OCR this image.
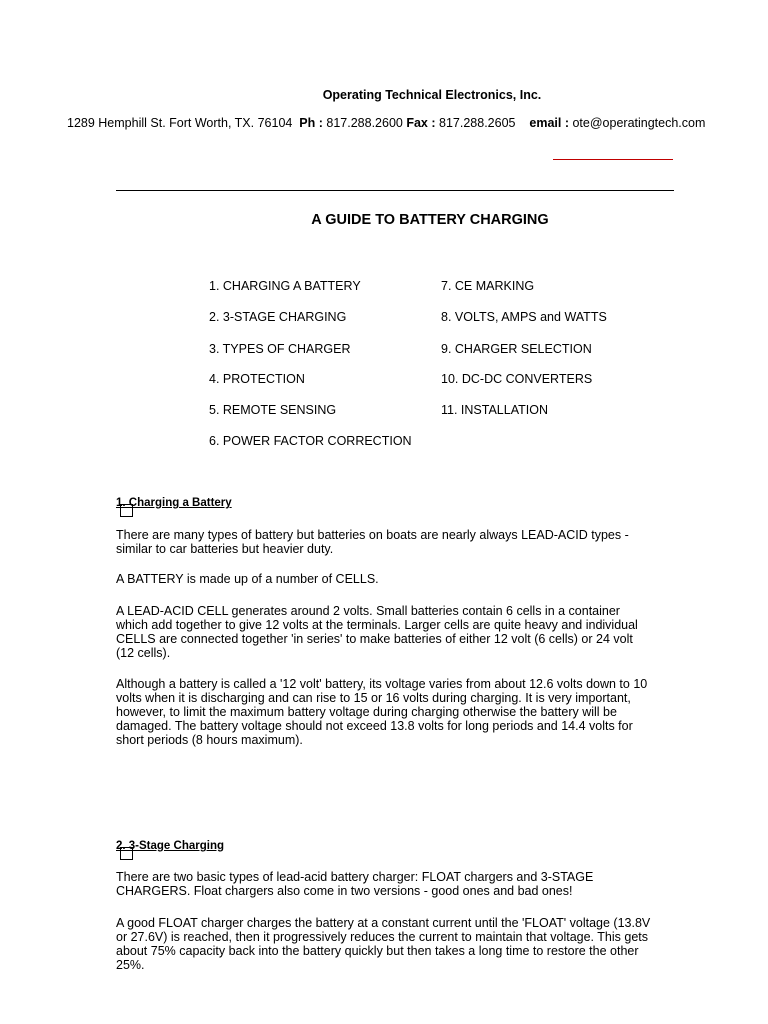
Operating Technical Electronics, Inc.
1289 Hemphill St. Fort Worth, TX. 76104 Ph : 817.288.2600 Fax : 817.288.2605 email : ote@operatingtech.com
A GUIDE TO BATTERY CHARGING
1. CHARGING A BATTERY
2. 3-STAGE CHARGING
3. TYPES OF CHARGER
4. PROTECTION
5. REMOTE SENSING
6. POWER FACTOR CORRECTION
7. CE MARKING
8. VOLTS, AMPS and WATTS
9. CHARGER SELECTION
10. DC-DC CONVERTERS
11. INSTALLATION
1. Charging a Battery
There are many types of battery but batteries on boats are nearly always LEAD-ACID types - similar to car batteries but heavier duty.
A BATTERY is made up of a number of CELLS.
A LEAD-ACID CELL generates around 2 volts. Small batteries contain 6 cells in a container which add together to give 12 volts at the terminals. Larger cells are quite heavy and individual CELLS are connected together 'in series' to make batteries of either 12 volt (6 cells) or 24 volt (12 cells).
Although a battery is called a '12 volt' battery, its voltage varies from about 12.6 volts down to 10 volts when it is discharging and can rise to 15 or 16 volts during charging. It is very important, however, to limit the maximum battery voltage during charging otherwise the battery will be damaged. The battery voltage should not exceed 13.8 volts for long periods and 14.4 volts for short periods (8 hours maximum).
2. 3-Stage Charging
There are two basic types of lead-acid battery charger: FLOAT chargers and 3-STAGE CHARGERS. Float chargers also come in two versions - good ones and bad ones!
A good FLOAT charger charges the battery at a constant current until the 'FLOAT' voltage (13.8V or 27.6V) is reached, then it progressively reduces the current to maintain that voltage. This gets about 75% capacity back into the battery quickly but then takes a long time to restore the other 25%.
